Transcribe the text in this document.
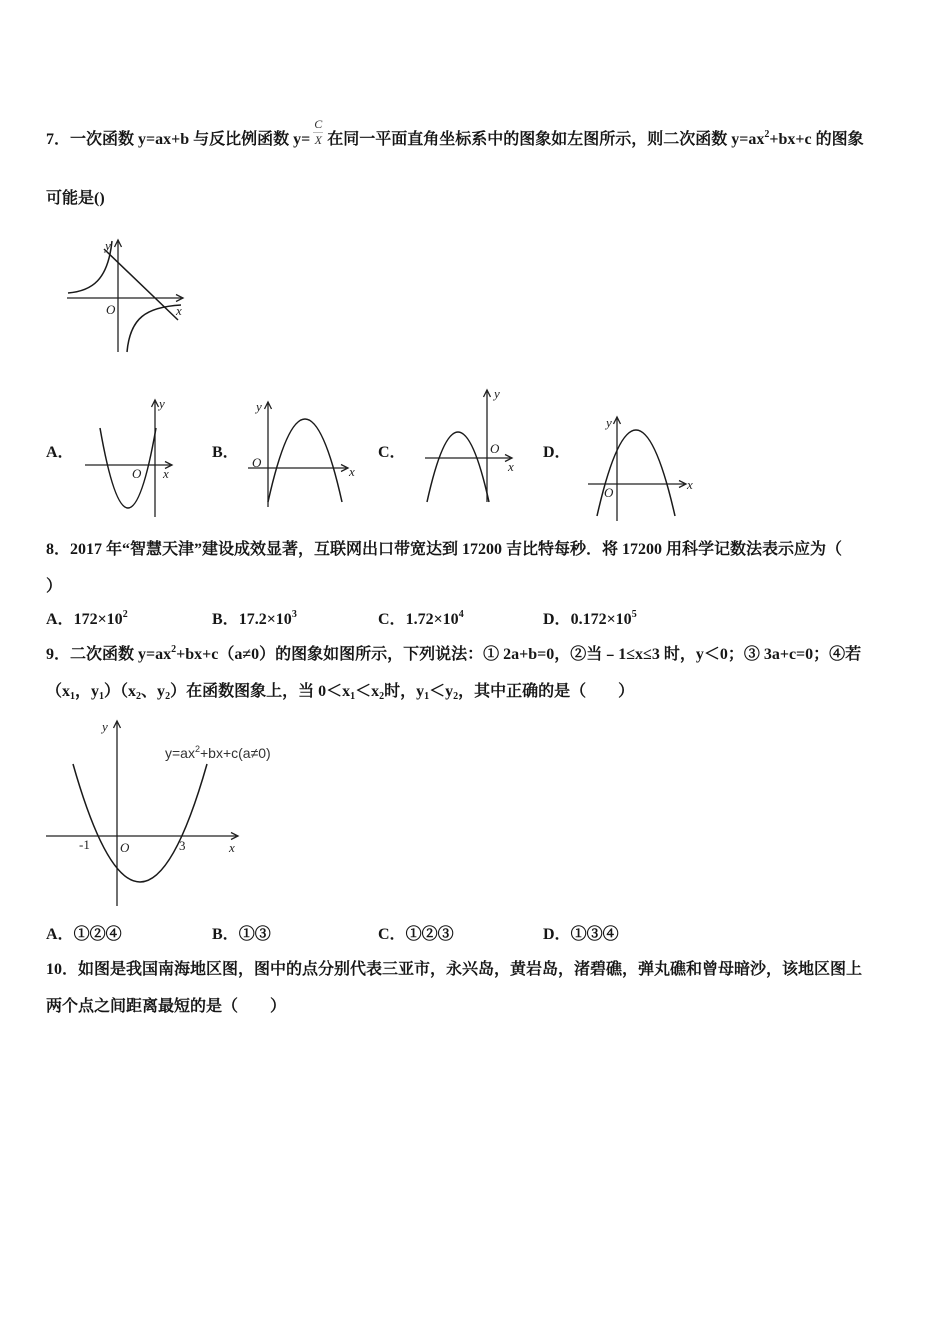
7．一次函数 y=ax+b 与反比例函数 $y= \frac{C}{X}$ 在同一平面直角坐标系中的图象如左图所示，则二次函数 $y=ax^2+bx+c$ 的图象
可能是()
y
x
O
A．
y
x
O
B．
y
x
O
C．
y
x
O	D．
y
x
O
8．2017 年“智慧天津”建设成效显著，互联网出口带宽达到 17200 吉比特每秒．将 17200 用科学记数法表示应为（
）
A．$172\times 10^2$	B．$17.2\times 10^3$	C．$1.72\times 10^4$	D．$0.172\times 10^5$
9．二次函数 $y=ax^2+bx+c(a\ne 0)$的图象如图所示，下列说法：① 2a+b=0，②当﹣1≤x≤3 时，y＜0；③ 3a+c=0；④若
（$x_1$，$y_1)(x_2$、$y_2$）在函数图象上，当 $0<x_1<x_2$时，$y_1<y_2$，其中正确的是（　　）
y
x
O
-1	3
$y=ax^2+bx+c(a\ne 0)$
A．①②④	B．①③	C．①②③	D．①③④
10．如图是我国南海地区图，图中的点分别代表三亚市，永兴岛，黄岩岛，渚碧礁，弹丸礁和曾母暗沙，该地区图上
两个点之间距离最短的是（　　）
